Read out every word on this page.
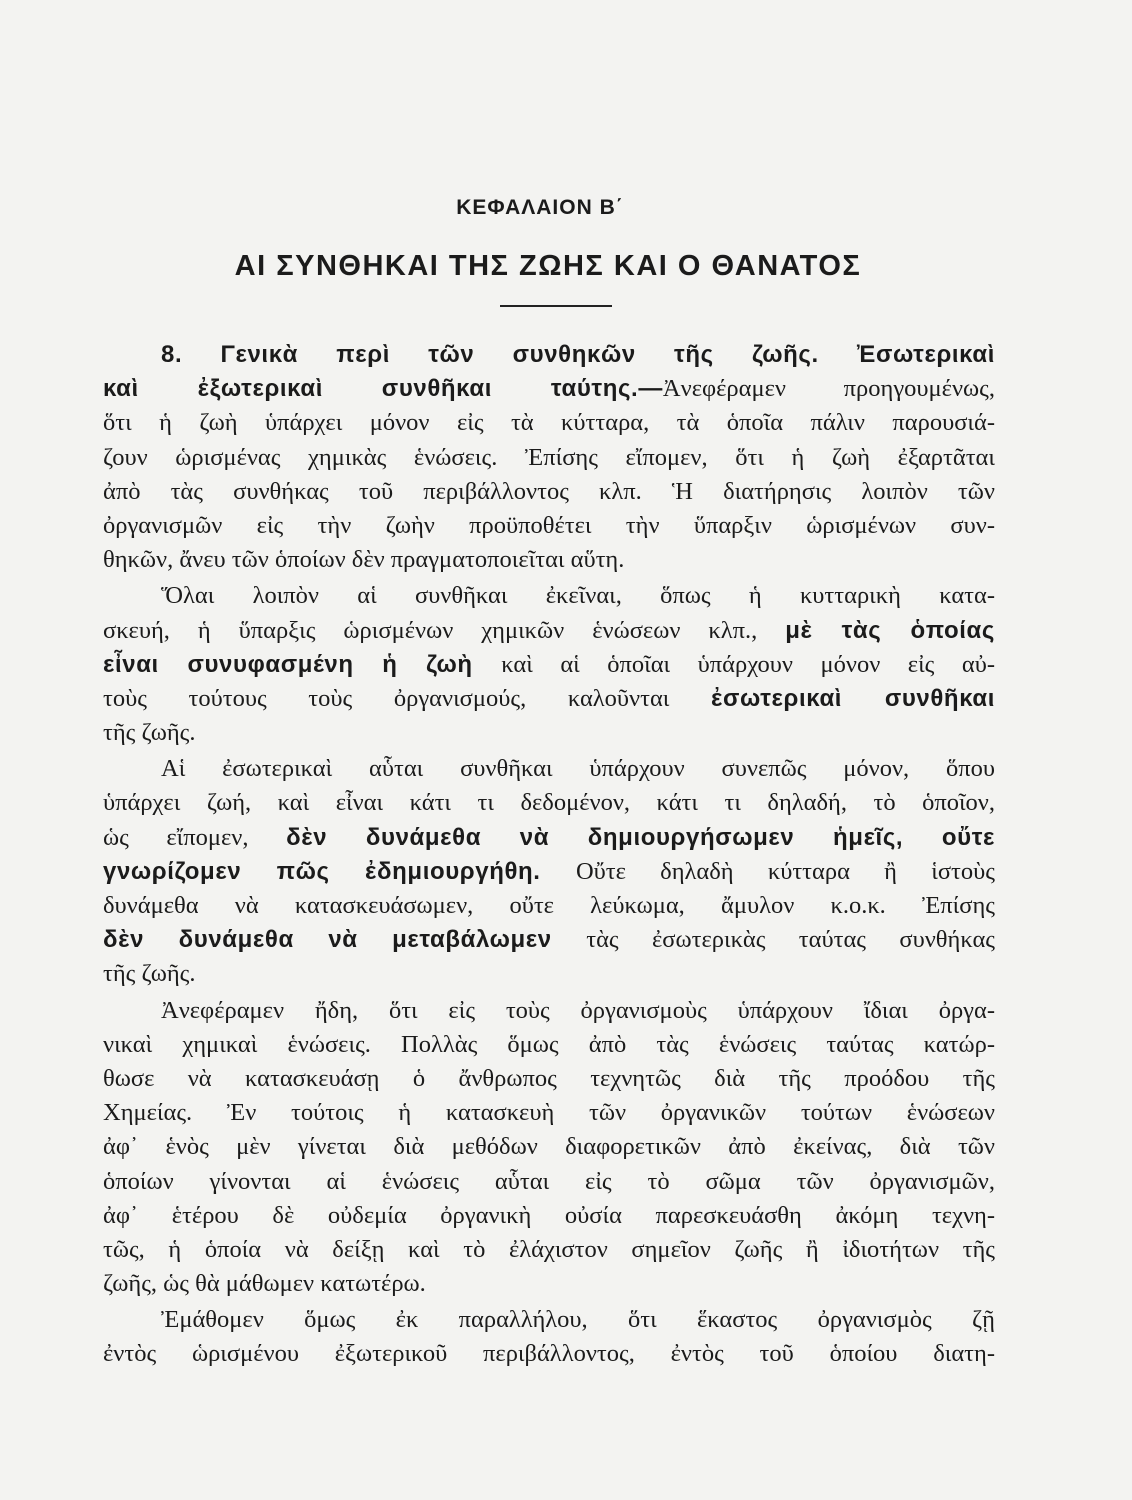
ΚΕΦΑΛΑΙΟΝ Β΄
ΑΙ ΣΥΝΘΗΚΑΙ ΤΗΣ ΖΩΗΣ ΚΑΙ Ο ΘΑΝΑΤΟΣ
8. Γενικὰ περὶ τῶν συνθηκῶν τῆς ζωῆς. Ἐσωτερικαὶ
καὶ ἐξωτερικαὶ συνθῆκαι ταύτης.—Ἀνεφέραμεν προηγουμένως,
ὅτι ἡ ζωὴ ὑπάρχει μόνον εἰς τὰ κύτταρα, τὰ ὁποῖα πάλιν παρουσιά-
ζουν ὡρισμένας χημικὰς ἑνώσεις. Ἐπίσης εἴπομεν, ὅτι ἡ ζωὴ ἐξαρτᾶται
ἀπὸ τὰς συνθήκας τοῦ περιβάλλοντος κλπ. Ἡ διατήρησις λοιπὸν τῶν
ὀργανισμῶν εἰς τὴν ζωὴν προϋποθέτει τὴν ὕπαρξιν ὡρισμένων συν-
θηκῶν, ἄνευ τῶν ὁποίων δὲν πραγματοποιεῖται αὕτη.
Ὅλαι λοιπὸν αἱ συνθῆκαι ἐκεῖναι, ὅπως ἡ κυτταρικὴ κατα-
σκευή, ἡ ὕπαρξις ὡρισμένων χημικῶν ἑνώσεων κλπ., μὲ τὰς ὁποίας
εἶναι συνυφασμένη ἡ ζωὴ καὶ αἱ ὁποῖαι ὑπάρχουν μόνον εἰς αὐ-
τοὺς τούτους τοὺς ὀργανισμούς, καλοῦνται ἐσωτερικαὶ συνθῆκαι
τῆς ζωῆς.
Αἱ ἐσωτερικαὶ αὗται συνθῆκαι ὑπάρχουν συνεπῶς μόνον, ὅπου
ὑπάρχει ζωή, καὶ εἶναι κάτι τι δεδομένον, κάτι τι δηλαδή, τὸ ὁποῖον,
ὡς εἴπομεν, δὲν δυνάμεθα νὰ δημιουργήσωμεν ἡμεῖς, οὔτε
γνωρίζομεν πῶς ἐδημιουργήθη. Οὔτε δηλαδὴ κύτταρα ἢ ἱστοὺς
δυνάμεθα νὰ κατασκευάσωμεν, οὔτε λεύκωμα, ἄμυλον κ.ο.κ. Ἐπίσης
δὲν δυνάμεθα νὰ μεταβάλωμεν τὰς ἐσωτερικὰς ταύτας συνθήκας
τῆς ζωῆς.
Ἀνεφέραμεν ἤδη, ὅτι εἰς τοὺς ὀργανισμοὺς ὑπάρχουν ἴδιαι ὀργα-
νικαὶ χημικαὶ ἑνώσεις. Πολλὰς ὅμως ἀπὸ τὰς ἑνώσεις ταύτας κατώρ-
θωσε νὰ κατασκευάσῃ ὁ ἄνθρωπος τεχνητῶς διὰ τῆς προόδου τῆς
Χημείας. Ἐν τούτοις ἡ κατασκευὴ τῶν ὀργανικῶν τούτων ἑνώσεων
ἀφ᾽ ἑνὸς μὲν γίνεται διὰ μεθόδων διαφορετικῶν ἀπὸ ἐκείνας, διὰ τῶν
ὁποίων γίνονται αἱ ἑνώσεις αὗται εἰς τὸ σῶμα τῶν ὀργανισμῶν,
ἀφ᾽ ἑτέρου δὲ οὐδεμία ὀργανικὴ οὐσία παρεσκευάσθη ἀκόμη τεχνη-
τῶς, ἡ ὁποία νὰ δείξῃ καὶ τὸ ἐλάχιστον σημεῖον ζωῆς ἢ ἰδιοτήτων τῆς
ζωῆς, ὡς θὰ μάθωμεν κατωτέρω.
Ἐμάθομεν ὅμως ἐκ παραλλήλου, ὅτι ἕκαστος ὀργανισμὸς ζῇ
ἐντὸς ὡρισμένου ἐξωτερικοῦ περιβάλλοντος, ἐντὸς τοῦ ὁποίου διατη-
